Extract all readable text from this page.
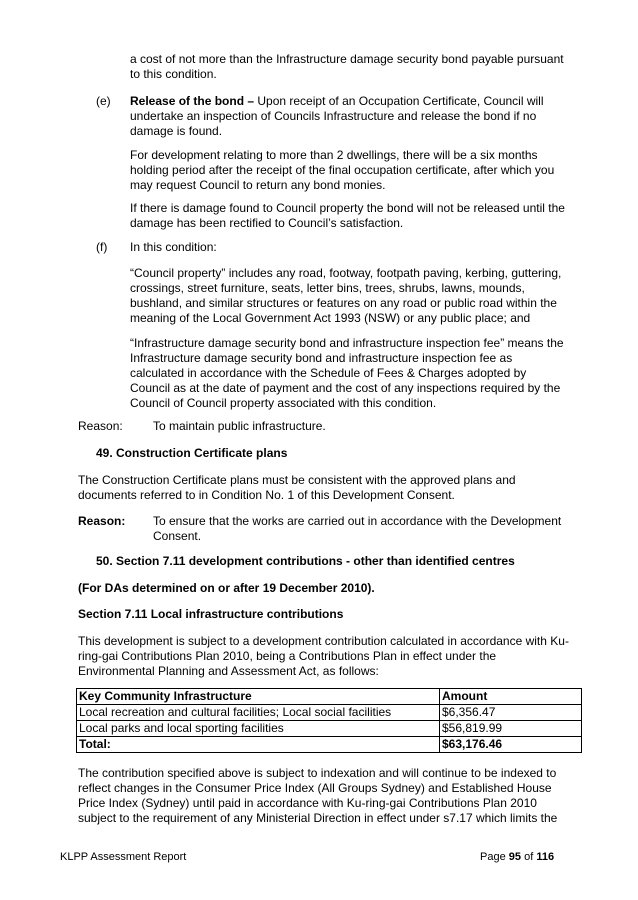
a cost of not more than the Infrastructure damage security bond payable pursuant to this condition.

(e) Release of the bond – Upon receipt of an Occupation Certificate, Council will undertake an inspection of Councils Infrastructure and release the bond if no damage is found.

For development relating to more than 2 dwellings, there will be a six months holding period after the receipt of the final occupation certificate, after which you may request Council to return any bond monies.

If there is damage found to Council property the bond will not be released until the damage has been rectified to Council’s satisfaction.

(f) In this condition:

“Council property” includes any road, footway, footpath paving, kerbing, guttering, crossings, street furniture, seats, letter bins, trees, shrubs, lawns, mounds, bushland, and similar structures or features on any road or public road within the meaning of the Local Government Act 1993 (NSW) or any public place; and

“Infrastructure damage security bond and infrastructure inspection fee” means the Infrastructure damage security bond and infrastructure inspection fee as calculated in accordance with the Schedule of Fees & Charges adopted by Council as at the date of payment and the cost of any inspections required by the Council of Council property associated with this condition.

Reason:	To maintain public infrastructure.
49. Construction Certificate plans

The Construction Certificate plans must be consistent with the approved plans and documents referred to in Condition No. 1 of this Development Consent.

Reason: To ensure that the works are carried out in accordance with the Development Consent.

50. Section 7.11 development contributions - other than identified centres
(For DAs determined on or after 19 December 2010).
Section 7.11 Local infrastructure contributions

This development is subject to a development contribution calculated in accordance with Ku-ring-gai Contributions Plan 2010, being a Contributions Plan in effect under the Environmental Planning and Assessment Act, as follows:

Key Community Infrastructure	Amount
Local recreation and cultural facilities; Local social facilities	$6,356.47
Local parks and local sporting facilities	$56,819.99
Total:	$63,176.46

The contribution specified above is subject to indexation and will continue to be indexed to reflect changes in the Consumer Price Index (All Groups Sydney) and Established House Price Index (Sydney) until paid in accordance with Ku-ring-gai Contributions Plan 2010 subject to the requirement of any Ministerial Direction in effect under s7.17 which limits the

KLPP Assessment Report	Page 95 of 116
